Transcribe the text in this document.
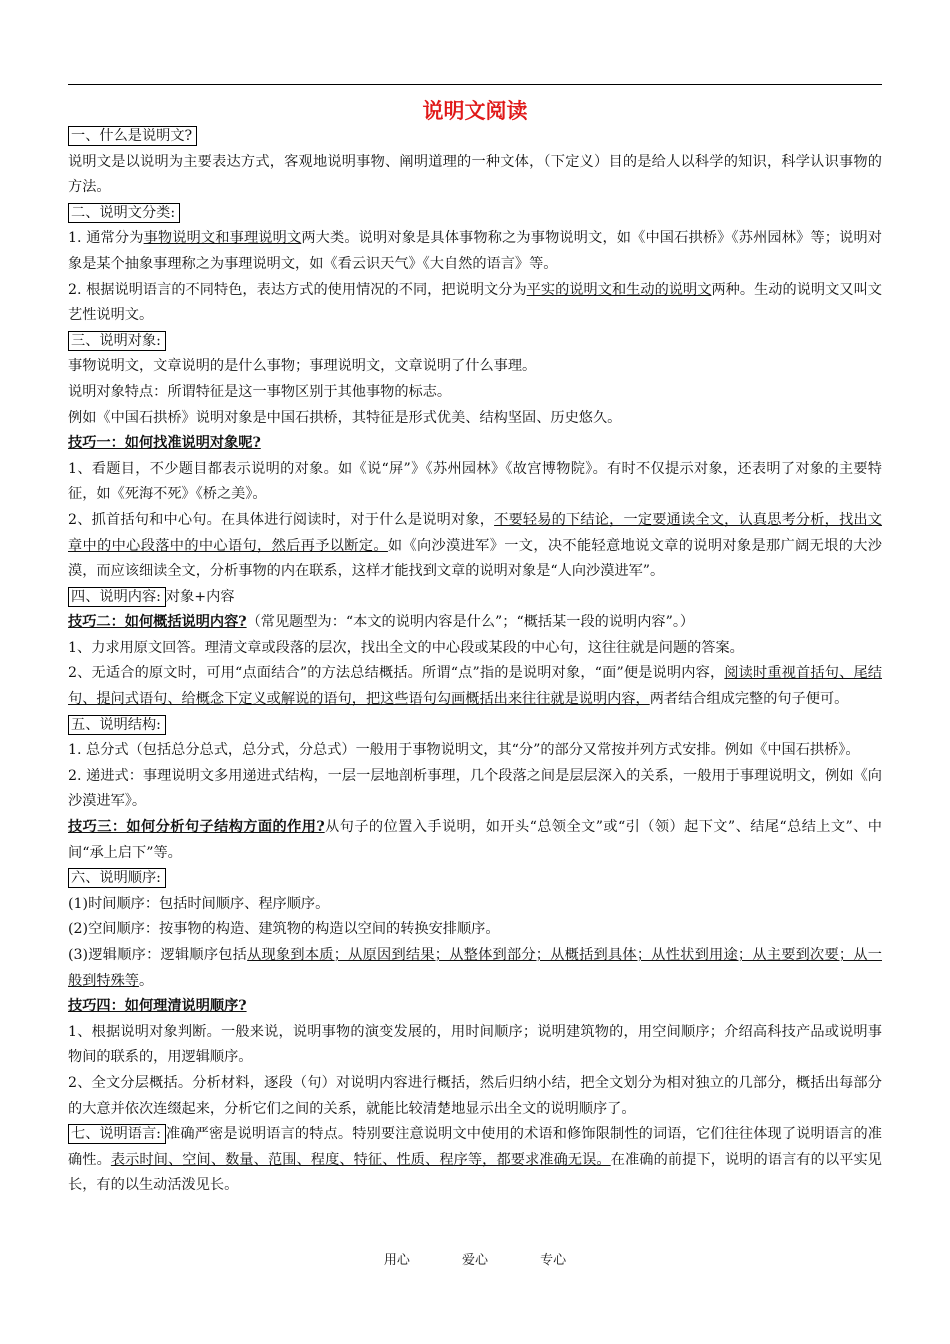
说明文阅读

一、什么是说明文?

说明文是以说明为主要表达方式，客观地说明事物、阐明道理的一种文体，（下定义）目的是给人以科学的知识，科学认识事物的方法。

二、说明文分类:

1. 通常分为事物说明文和事理说明文两大类。说明对象是具体事物称之为事物说明文，如《中国石拱桥》《苏州园林》等；说明对象是某个抽象事理称之为事理说明文，如《看云识天气》《大自然的语言》等。

2. 根据说明语言的不同特色，表达方式的使用情况的不同，把说明文分为平实的说明文和生动的说明文两种。生动的说明文又叫文艺性说明文。

三、说明对象:

事物说明文，文章说明的是什么事物；事理说明文，文章说明了什么事理。

说明对象特点：所谓特征是这一事物区别于其他事物的标志。

例如《中国石拱桥》说明对象是中国石拱桥，其特征是形式优美、结构坚固、历史悠久。

技巧一：如何找准说明对象呢?

1、看题目，不少题目都表示说明的对象。如《说“屏”》《苏州园林》《故宫博物院》。有时不仅提示对象，还表明了对象的主要特征，如《死海不死》《桥之美》。

2、抓首括句和中心句。在具体进行阅读时，对于什么是说明对象，不要轻易的下结论，一定要通读全文，认真思考分析，找出文章中的中心段落中的中心语句，然后再予以断定。如《向沙漠进军》一文，决不能轻意地说文章的说明对象是那广阔无垠的大沙漠，而应该细读全文，分析事物的内在联系，这样才能找到文章的说明对象是“人向沙漠进军”。

四、说明内容: 对象+内容

技巧二：如何概括说明内容?（常见题型为：“本文的说明内容是什么”；“概括某一段的说明内容”。）

1、力求用原文回答。理清文章或段落的层次，找出全文的中心段或某段的中心句，这往往就是问题的答案。

2、无适合的原文时，可用“点面结合”的方法总结概括。所谓“点”指的是说明对象，“面”便是说明内容，阅读时重视首括句、尾结句、提问式语句、给概念下定义或解说的语句，把这些语句勾画概括出来往往就是说明内容，两者结合组成完整的句子便可。

五、说明结构:

1. 总分式（包括总分总式，总分式，分总式）一般用于事物说明文，其“分”的部分又常按并列方式安排。例如《中国石拱桥》。

2. 递进式：事理说明文多用递进式结构，一层一层地剖析事理，几个段落之间是层层深入的关系，一般用于事理说明文，例如《向沙漠进军》。

技巧三：如何分析句子结构方面的作用?从句子的位置入手说明，如开头“总领全文”或“引（领）起下文”、结尾“总结上文”、中间“承上启下”等。

六、说明顺序:

(1)时间顺序：包括时间顺序、程序顺序。

(2)空间顺序：按事物的构造、建筑物的构造以空间的转换安排顺序。

(3)逻辑顺序：逻辑顺序包括从现象到本质；从原因到结果；从整体到部分；从概括到具体；从性状到用途；从主要到次要；从一般到特殊等。

技巧四：如何理清说明顺序?

1、根据说明对象判断。一般来说，说明事物的演变发展的，用时间顺序；说明建筑物的，用空间顺序；介绍高科技产品或说明事物间的联系的，用逻辑顺序。

2、全文分层概括。分析材料，逐段（句）对说明内容进行概括，然后归纳小结，把全文划分为相对独立的几部分，概括出每部分的大意并依次连缀起来，分析它们之间的关系，就能比较清楚地显示出全文的说明顺序了。

七、说明语言: 准确严密是说明语言的特点。特别要注意说明文中使用的术语和修饰限制性的词语，它们往往体现了说明语言的准确性。表示时间、空间、数量、范围、程度、特征、性质、程序等，都要求准确无误。在准确的前提下，说明的语言有的以平实见长，有的以生动活泼见长。

用心	爱心	专心
